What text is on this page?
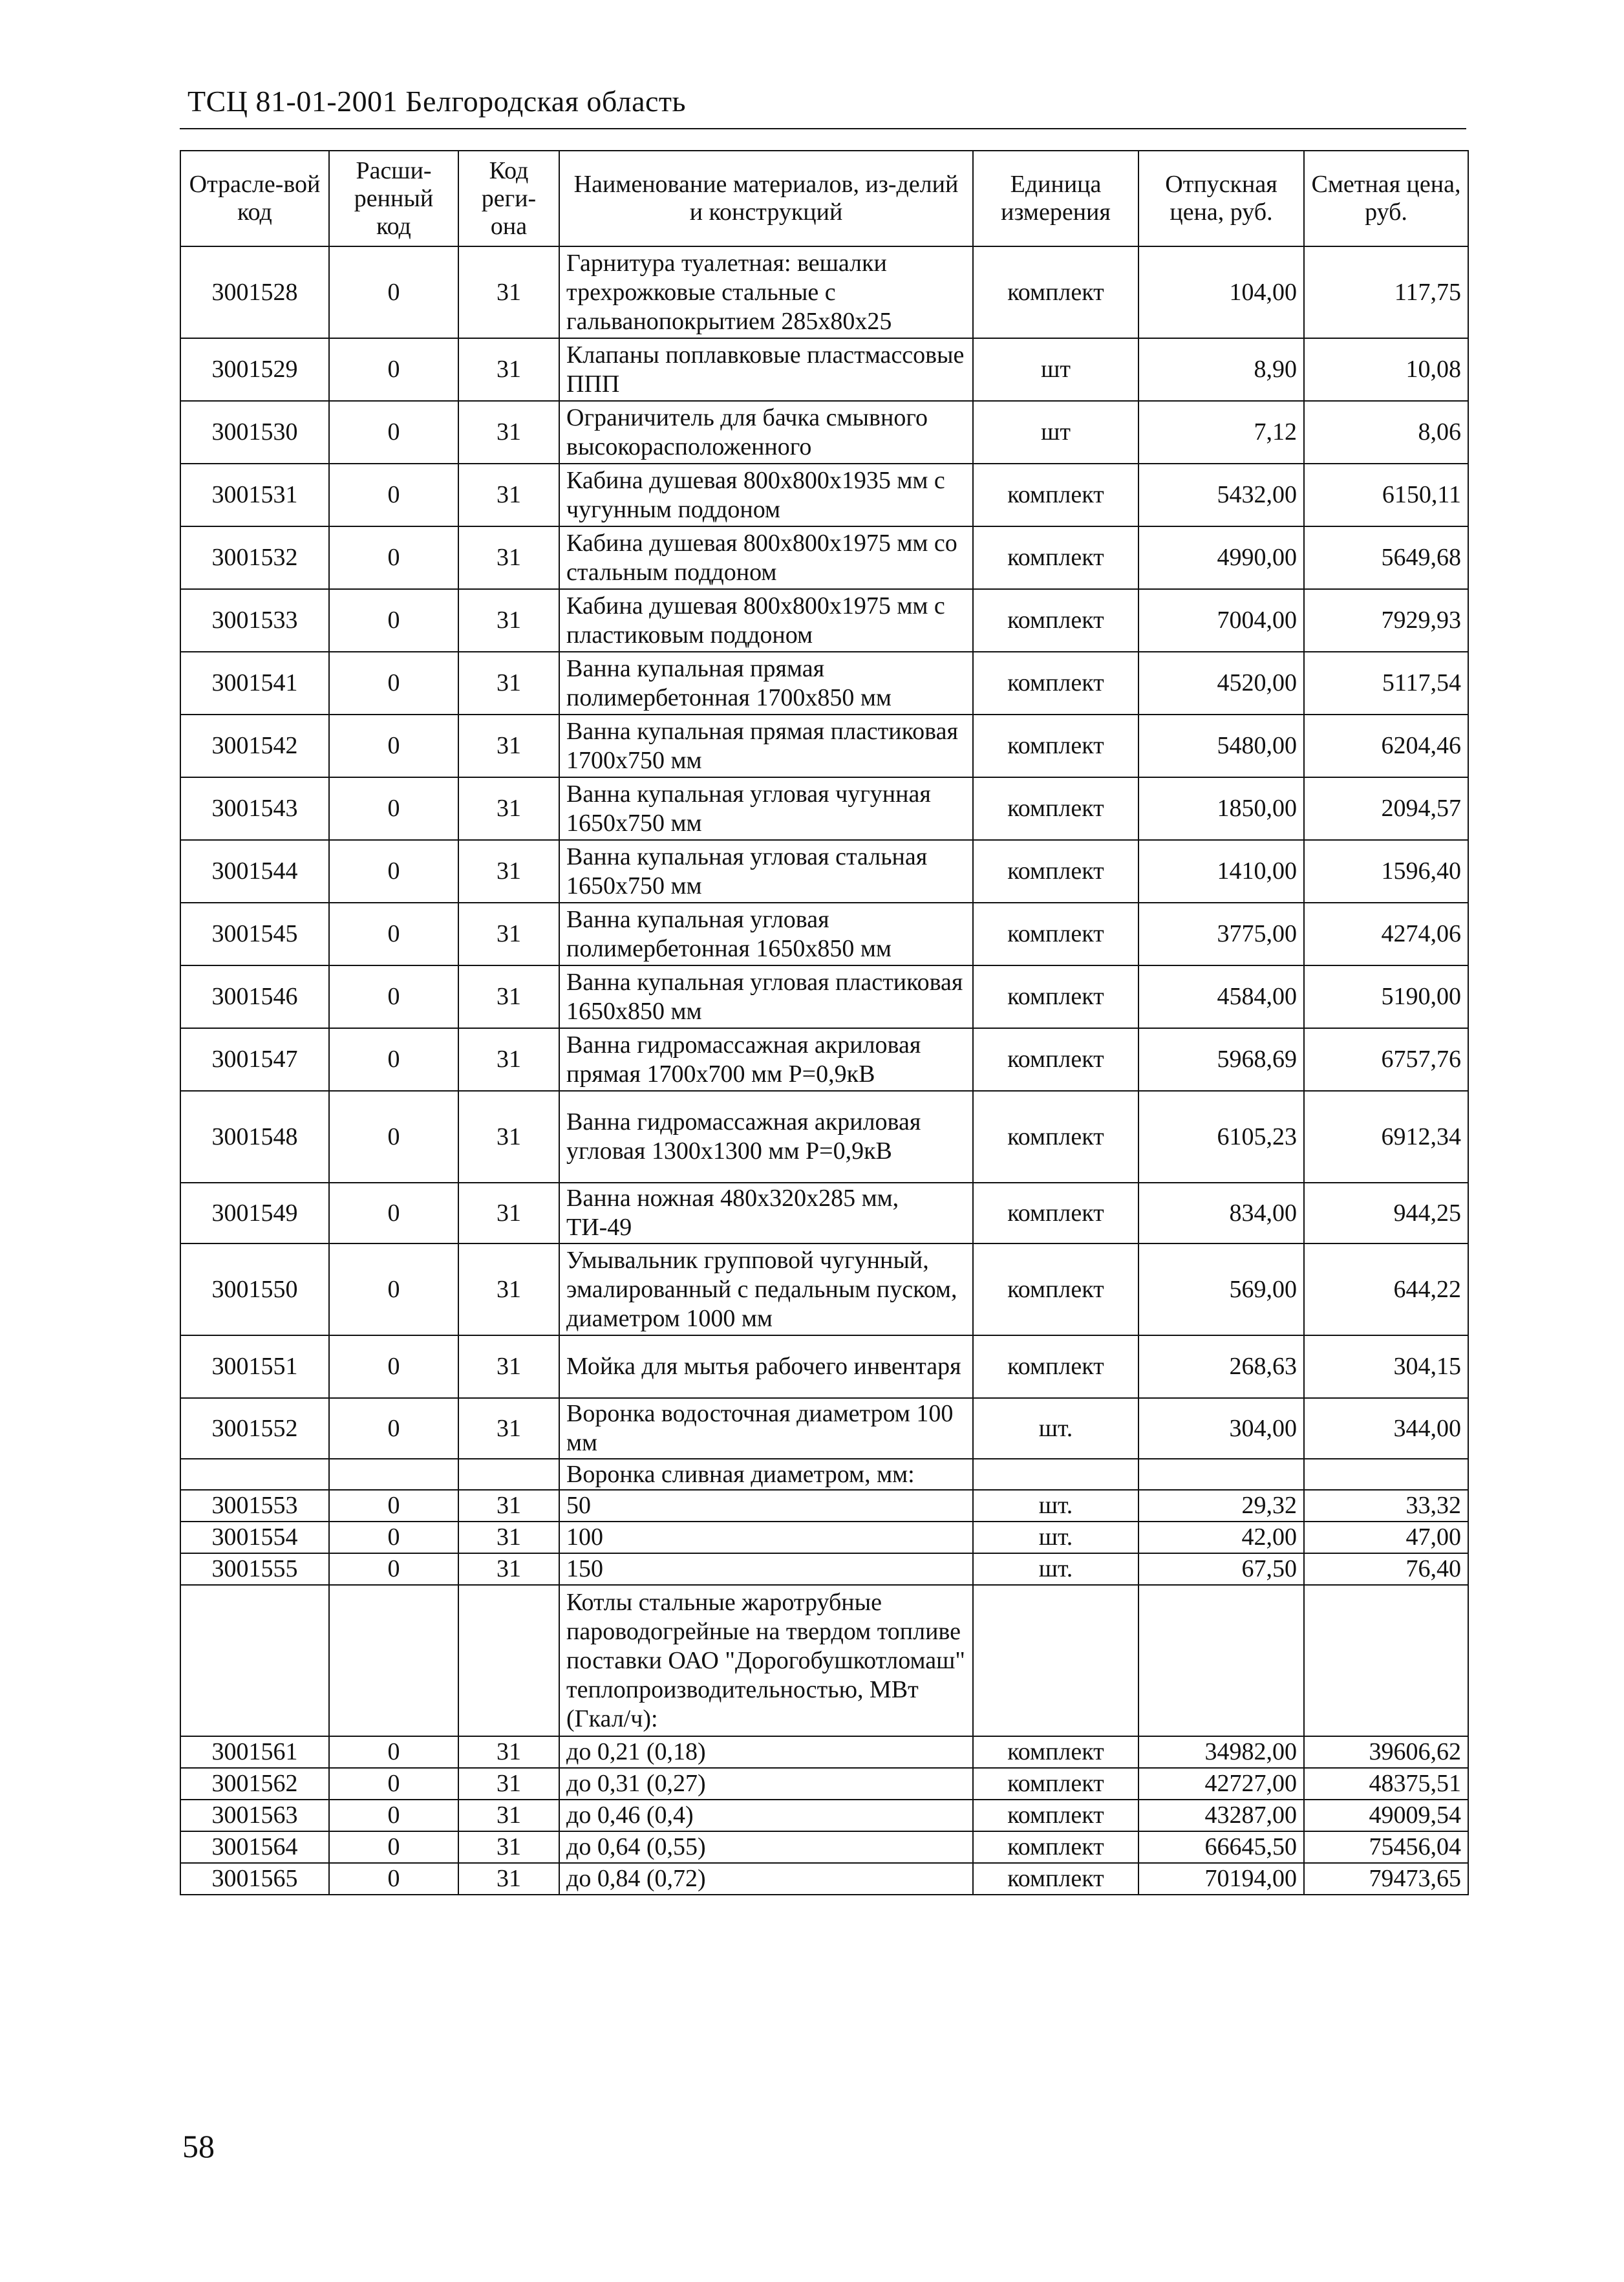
ТСЦ 81-01-2001 Белгородская область
Отрасле-вой код	Расши-ренный код	Код реги-она	Наименование материалов, из-делий и конструкций	Единица измерения	Отпускная цена, руб.	Сметная цена, руб.
3001528	0	31	Гарнитура туалетная: вешалки трехрожковые стальные с гальванопокрытием 285х80х25	комплект	104,00	117,75
3001529	0	31	Клапаны поплавковые пластмассовые ППП	шт	8,90	10,08
3001530	0	31	Ограничитель для бачка смывного высокорасположенного	шт	7,12	8,06
3001531	0	31	Кабина душевая 800х800х1935 мм с чугунным поддоном	комплект	5432,00	6150,11
3001532	0	31	Кабина душевая 800х800х1975 мм со стальным поддоном	комплект	4990,00	5649,68
3001533	0	31	Кабина душевая 800х800х1975 мм с пластиковым поддоном	комплект	7004,00	7929,93
3001541	0	31	Ванна купальная прямая полимербетонная 1700х850 мм	комплект	4520,00	5117,54
3001542	0	31	Ванна купальная прямая пластиковая 1700х750 мм	комплект	5480,00	6204,46
3001543	0	31	Ванна купальная угловая чугунная 1650х750 мм	комплект	1850,00	2094,57
3001544	0	31	Ванна купальная угловая стальная 1650х750 мм	комплект	1410,00	1596,40
3001545	0	31	Ванна купальная угловая полимербетонная 1650х850 мм	комплект	3775,00	4274,06
3001546	0	31	Ванна купальная угловая пластиковая 1650х850 мм	комплект	4584,00	5190,00
3001547	0	31	Ванна гидромассажная акриловая прямая 1700х700 мм Р=0,9кВ	комплект	5968,69	6757,76
3001548	0	31	Ванна гидромассажная акриловая угловая 1300х1300 мм Р=0,9кВ	комплект	6105,23	6912,34
3001549	0	31	Ванна ножная 480х320х285 мм, ТИ-49	комплект	834,00	944,25
3001550	0	31	Умывальник групповой чугунный, эмалированный с педальным пуском, диаметром 1000 мм	комплект	569,00	644,22
3001551	0	31	Мойка для мытья рабочего инвентаря	комплект	268,63	304,15
3001552	0	31	Воронка водосточная диаметром 100 мм	шт.	304,00	344,00
			Воронка сливная диаметром, мм:			
3001553	0	31	50	шт.	29,32	33,32
3001554	0	31	100	шт.	42,00	47,00
3001555	0	31	150	шт.	67,50	76,40
			Котлы стальные жаротрубные пароводогрейные на твердом топливе поставки ОАО "Дорогобушкотломаш" теплопроизводительностью, МВт (Гкал/ч):			
3001561	0	31	до 0,21 (0,18)	комплект	34982,00	39606,62
3001562	0	31	до 0,31 (0,27)	комплект	42727,00	48375,51
3001563	0	31	до 0,46 (0,4)	комплект	43287,00	49009,54
3001564	0	31	до 0,64 (0,55)	комплект	66645,50	75456,04
3001565	0	31	до 0,84 (0,72)	комплект	70194,00	79473,65
58
